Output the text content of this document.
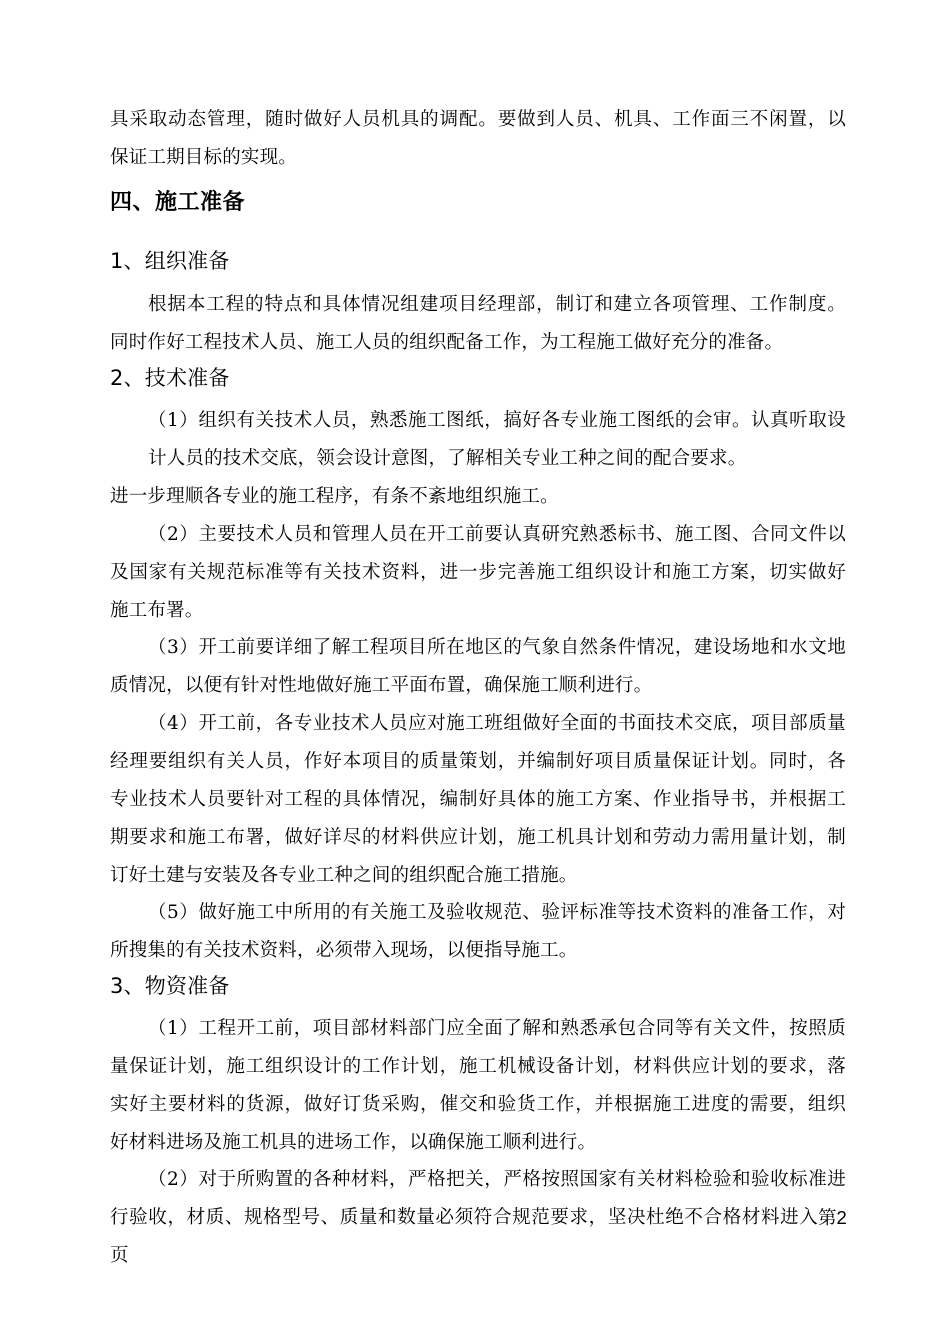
具采取动态管理，随时做好人员机具的调配。要做到人员、机具、工作面三不闲置，以
保证工期目标的实现。
四、施工准备
1、组织准备
根据本工程的特点和具体情况组建项目经理部，制订和建立各项管理、工作制度。
同时作好工程技术人员、施工人员的组织配备工作，为工程施工做好充分的准备。
2、技术准备
（1）组织有关技术人员，熟悉施工图纸，搞好各专业施工图纸的会审。认真听取设
计人员的技术交底，领会设计意图，了解相关专业工种之间的配合要求。
进一步理顺各专业的施工程序，有条不紊地组织施工。
（2）主要技术人员和管理人员在开工前要认真研究熟悉标书、施工图、合同文件以
及国家有关规范标准等有关技术资料，进一步完善施工组织设计和施工方案，切实做好
施工布署。
（3）开工前要详细了解工程项目所在地区的气象自然条件情况，建设场地和水文地
质情况，以便有针对性地做好施工平面布置，确保施工顺利进行。
（4）开工前，各专业技术人员应对施工班组做好全面的书面技术交底，项目部质量
经理要组织有关人员，作好本项目的质量策划，并编制好项目质量保证计划。同时，各
专业技术人员要针对工程的具体情况，编制好具体的施工方案、作业指导书，并根据工
期要求和施工布署，做好详尽的材料供应计划，施工机具计划和劳动力需用量计划，制
订好土建与安装及各专业工种之间的组织配合施工措施。
（5）做好施工中所用的有关施工及验收规范、验评标准等技术资料的准备工作，对
所搜集的有关技术资料，必须带入现场，以便指导施工。
3、物资准备
（1）工程开工前，项目部材料部门应全面了解和熟悉承包合同等有关文件，按照质
量保证计划，施工组织设计的工作计划，施工机械设备计划，材料供应计划的要求，落
实好主要材料的货源，做好订货采购，催交和验货工作，并根据施工进度的需要，组织
好材料进场及施工机具的进场工作，以确保施工顺利进行。
（2）对于所购置的各种材料，严格把关，严格按照国家有关材料检验和验收标准进
行验收，材质、规格型号、质量和数量必须符合规范要求，坚决杜绝不合格材料进入 第2
页
